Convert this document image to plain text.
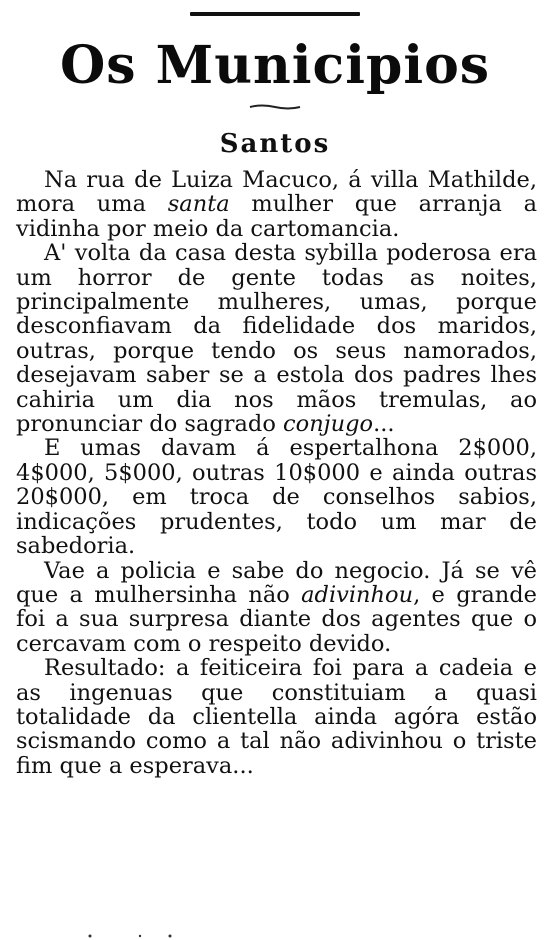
Os Municipios
Santos

Na rua de Luiza Macuco, á villa Mathilde, mora uma santa mulher que arranja a vidinha por meio da cartomancia.

A' volta da casa desta sybilla poderosa era um horror de gente todas as noites, principalmente mulheres, umas, porque desconfiavam da fidelidade dos maridos, outras, porque tendo os seus namorados, desejavam saber se a estola dos padres lhes cahiria um dia nos mãos tremulas, ao pronunciar do sagrado conjugo...

E umas davam á espertalhona 2$000, 4$000, 5$000, outras 10$000 e ainda outras 20$000, em troca de conselhos sabios, indicações prudentes, todo um mar de sabedoria.

Vae a policia e sabe do negocio. Já se vê que a mulhersinha não adivinhou, e grande foi a sua surpresa diante dos agentes que o cercavam com o respeito devido.

Resultado: a feiticeira foi para a cadeia e as ingenuas que constituiam a quasi totalidade da clientella ainda agóra estão scismando como a tal não adivinhou o triste fim que a esperava...
